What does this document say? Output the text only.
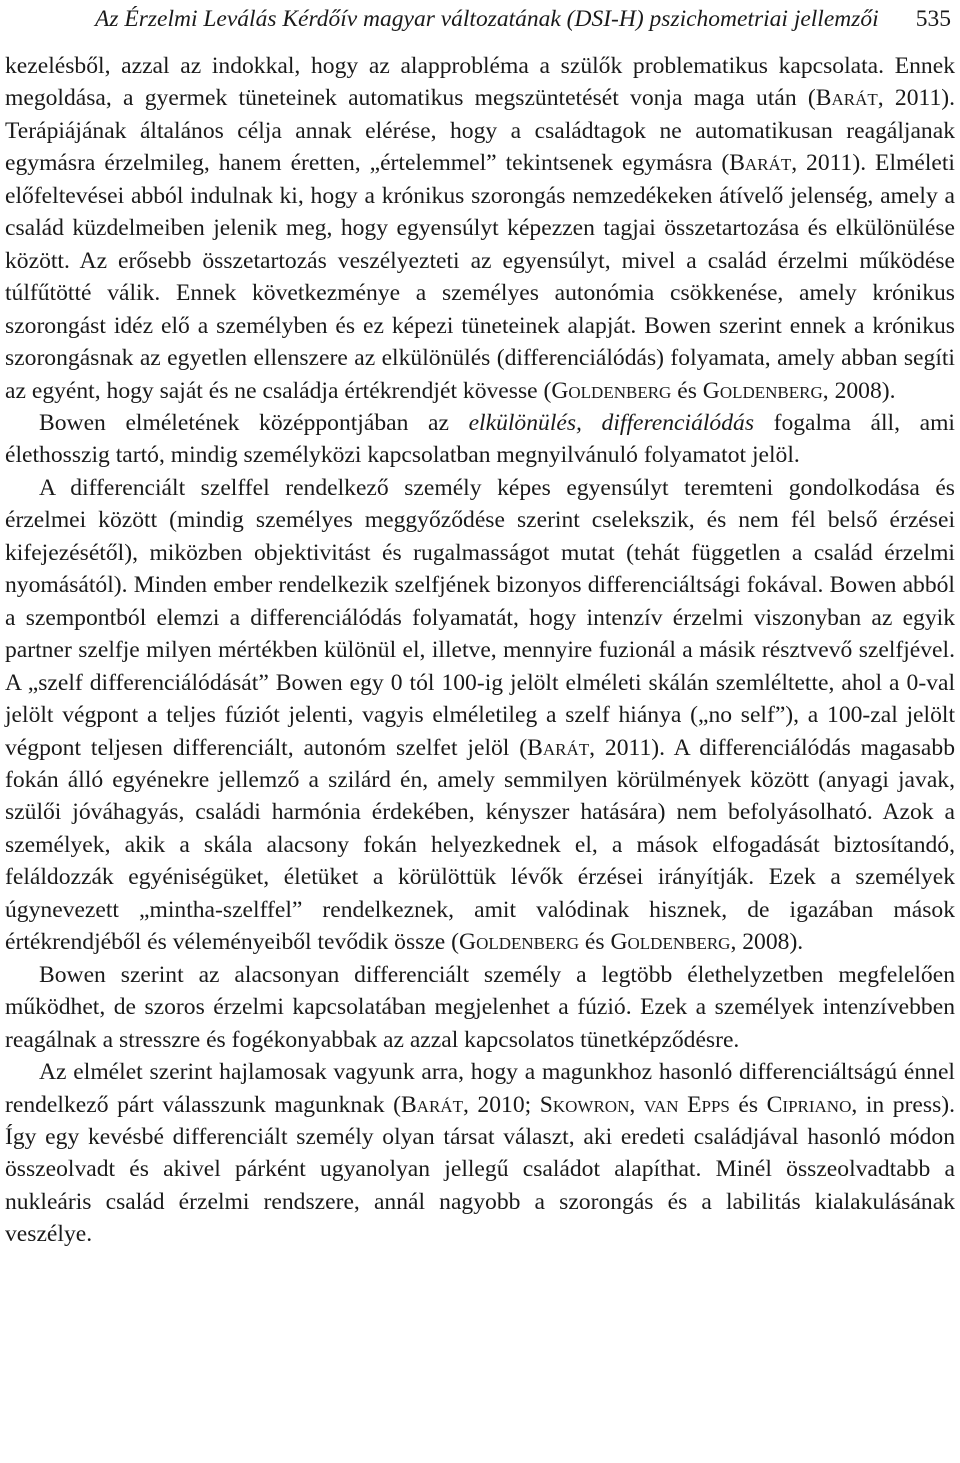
Az Érzelmi Leválás Kérdőív magyar változatának (DSI-H) pszichometriai jellemzői 535

kezelésből, azzal az indokkal, hogy az alapprobléma a szülők problematikus kapcsolata. Ennek megoldása, a gyermek tüneteinek automatikus megszüntetését vonja maga után (Barát, 2011). Terápiájának általános célja annak elérése, hogy a családtagok ne automatikusan reagáljanak egymásra érzelmileg, hanem éretten, „értelemmel” tekintsenek egymásra (Barát, 2011). Elméleti előfeltevései abból indulnak ki, hogy a krónikus szorongás nemzedékeken átívelő jelenség, amely a család küzdelmeiben jelenik meg, hogy egyensúlyt képezzen tagjai összetartozása és elkülönülése között. Az erősebb összetartozás veszélyezteti az egyensúlyt, mivel a család érzelmi működése túlfűtötté válik. Ennek következménye a személyes autonómia csökkenése, amely krónikus szorongást idéz elő a személyben és ez képezi tüneteinek alapját. Bowen szerint ennek a krónikus szorongásnak az egyetlen ellenszere az elkülönülés (differenciálódás) folyamata, amely abban segíti az egyént, hogy saját és ne családja értékrendjét kövesse (Goldenberg és Goldenberg, 2008).

Bowen elméletének középpontjában az elkülönülés, differenciálódás fogalma áll, ami élethosszig tartó, mindig személyközi kapcsolatban megnyilvánuló folyamatot jelöl.

A differenciált szelffel rendelkező személy képes egyensúlyt teremteni gondolkodása és érzelmei között (mindig személyes meggyőződése szerint cselekszik, és nem fél belső érzései kifejezésétől), miközben objektivitást és rugalmasságot mutat (tehát független a család érzelmi nyomásától). Minden ember rendelkezik szelfjének bizonyos differenciáltsági fokával. Bowen abból a szempontból elemzi a differenciálódás folyamatát, hogy intenzív érzelmi viszonyban az egyik partner szelfje milyen mértékben különül el, illetve, mennyire fuzionál a másik résztvevő szelfjével. A „szelf differenciálódását” Bowen egy 0 tól 100-ig jelölt elméleti skálán szemléltette, ahol a 0-val jelölt végpont a teljes fúziót jelenti, vagyis elméletileg a szelf hiánya („no self”), a 100-zal jelölt végpont teljesen differenciált, autonóm szelfet jelöl (Barát, 2011). A differenciálódás magasabb fokán álló egyénekre jellemző a szilárd én, amely semmilyen körülmények között (anyagi javak, szülői jóváhagyás, családi harmónia érdekében, kényszer hatására) nem befolyásolható. Azok a személyek, akik a skála alacsony fokán helyezkednek el, a mások elfogadását biztosítandó, feláldozzák egyéniségüket, életüket a körülöttük lévők érzései irányítják. Ezek a személyek úgynevezett „mintha-szelffel” rendelkeznek, amit valódinak hisznek, de igazában mások értékrendjéből és véleményeiből tevődik össze (Goldenberg és Goldenberg, 2008).

Bowen szerint az alacsonyan differenciált személy a legtöbb élethelyzetben megfelelően működhet, de szoros érzelmi kapcsolatában megjelenhet a fúzió. Ezek a személyek intenzívebben reagálnak a stresszre és fogékonyabbak az azzal kapcsolatos tünetképződésre.

Az elmélet szerint hajlamosak vagyunk arra, hogy a magunkhoz hasonló differenciáltságú énnel rendelkező párt válasszunk magunknak (Barát, 2010; Skowron, van Epps és Cipriano, in press). Így egy kevésbé differenciált személy olyan társat választ, aki eredeti családjával hasonló módon összeolvadt és akivel párként ugyanolyan jellegű családot alapíthat. Minél összeolvadtabb a nukleáris család érzelmi rendszere, annál nagyobb a szorongás és a labilitás kialakulásának veszélye.
